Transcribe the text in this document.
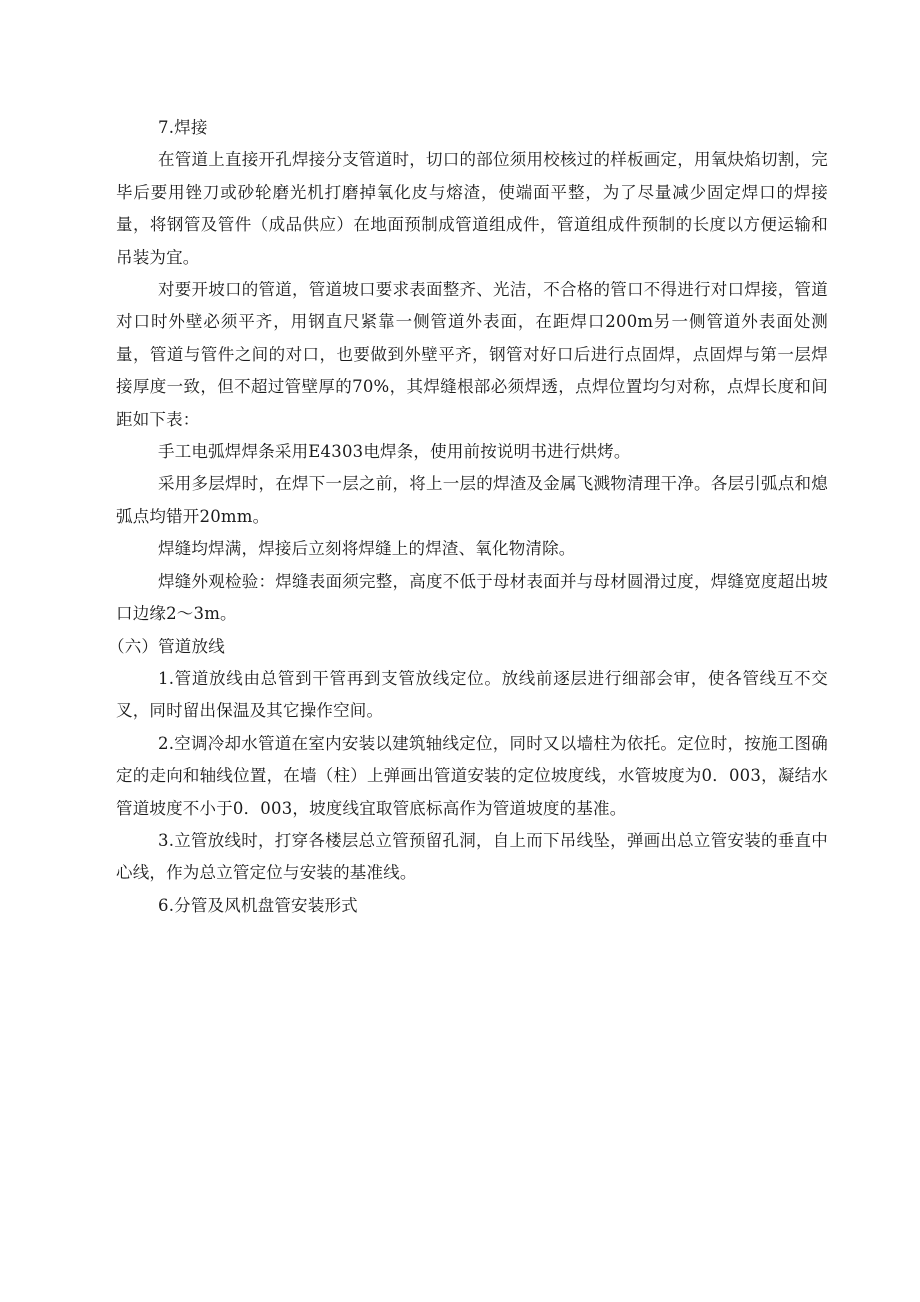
7.焊接

在管道上直接开孔焊接分支管道时，切口的部位须用校核过的样板画定，用氧炔焰切割，完毕后要用锉刀或砂轮磨光机打磨掉氧化皮与熔渣，使端面平整，为了尽量减少固定焊口的焊接量，将钢管及管件（成品供应）在地面预制成管道组成件，管道组成件预制的长度以方便运输和吊装为宜。

对要开坡口的管道，管道坡口要求表面整齐、光洁，不合格的管口不得进行对口焊接，管道对口时外壁必须平齐，用钢直尺紧靠一侧管道外表面，在距焊口200m另一侧管道外表面处测量，管道与管件之间的对口，也要做到外壁平齐，钢管对好口后进行点固焊，点固焊与第一层焊接厚度一致，但不超过管壁厚的70%，其焊缝根部必须焊透，点焊位置均匀对称，点焊长度和间距如下表：

手工电弧焊焊条采用E4303电焊条，使用前按说明书进行烘烤。

采用多层焊时，在焊下一层之前，将上一层的焊渣及金属飞溅物清理干净。各层引弧点和熄弧点均错开20mm。

焊缝均焊满，焊接后立刻将焊缝上的焊渣、氧化物清除。

焊缝外观检验：焊缝表面须完整，高度不低于母材表面并与母材圆滑过度，焊缝宽度超出坡口边缘2～3m。

（六）管道放线

1.管道放线由总管到干管再到支管放线定位。放线前逐层进行细部会审，使各管线互不交叉，同时留出保温及其它操作空间。

2.空调冷却水管道在室内安装以建筑轴线定位，同时又以墙柱为依托。定位时，按施工图确定的走向和轴线位置，在墙（柱）上弹画出管道安装的定位坡度线，水管坡度为0．003，凝结水管道坡度不小于0．003，坡度线宜取管底标高作为管道坡度的基准。

3.立管放线时，打穿各楼层总立管预留孔洞，自上而下吊线坠，弹画出总立管安装的垂直中心线，作为总立管定位与安装的基准线。

6.分管及风机盘管安装形式
